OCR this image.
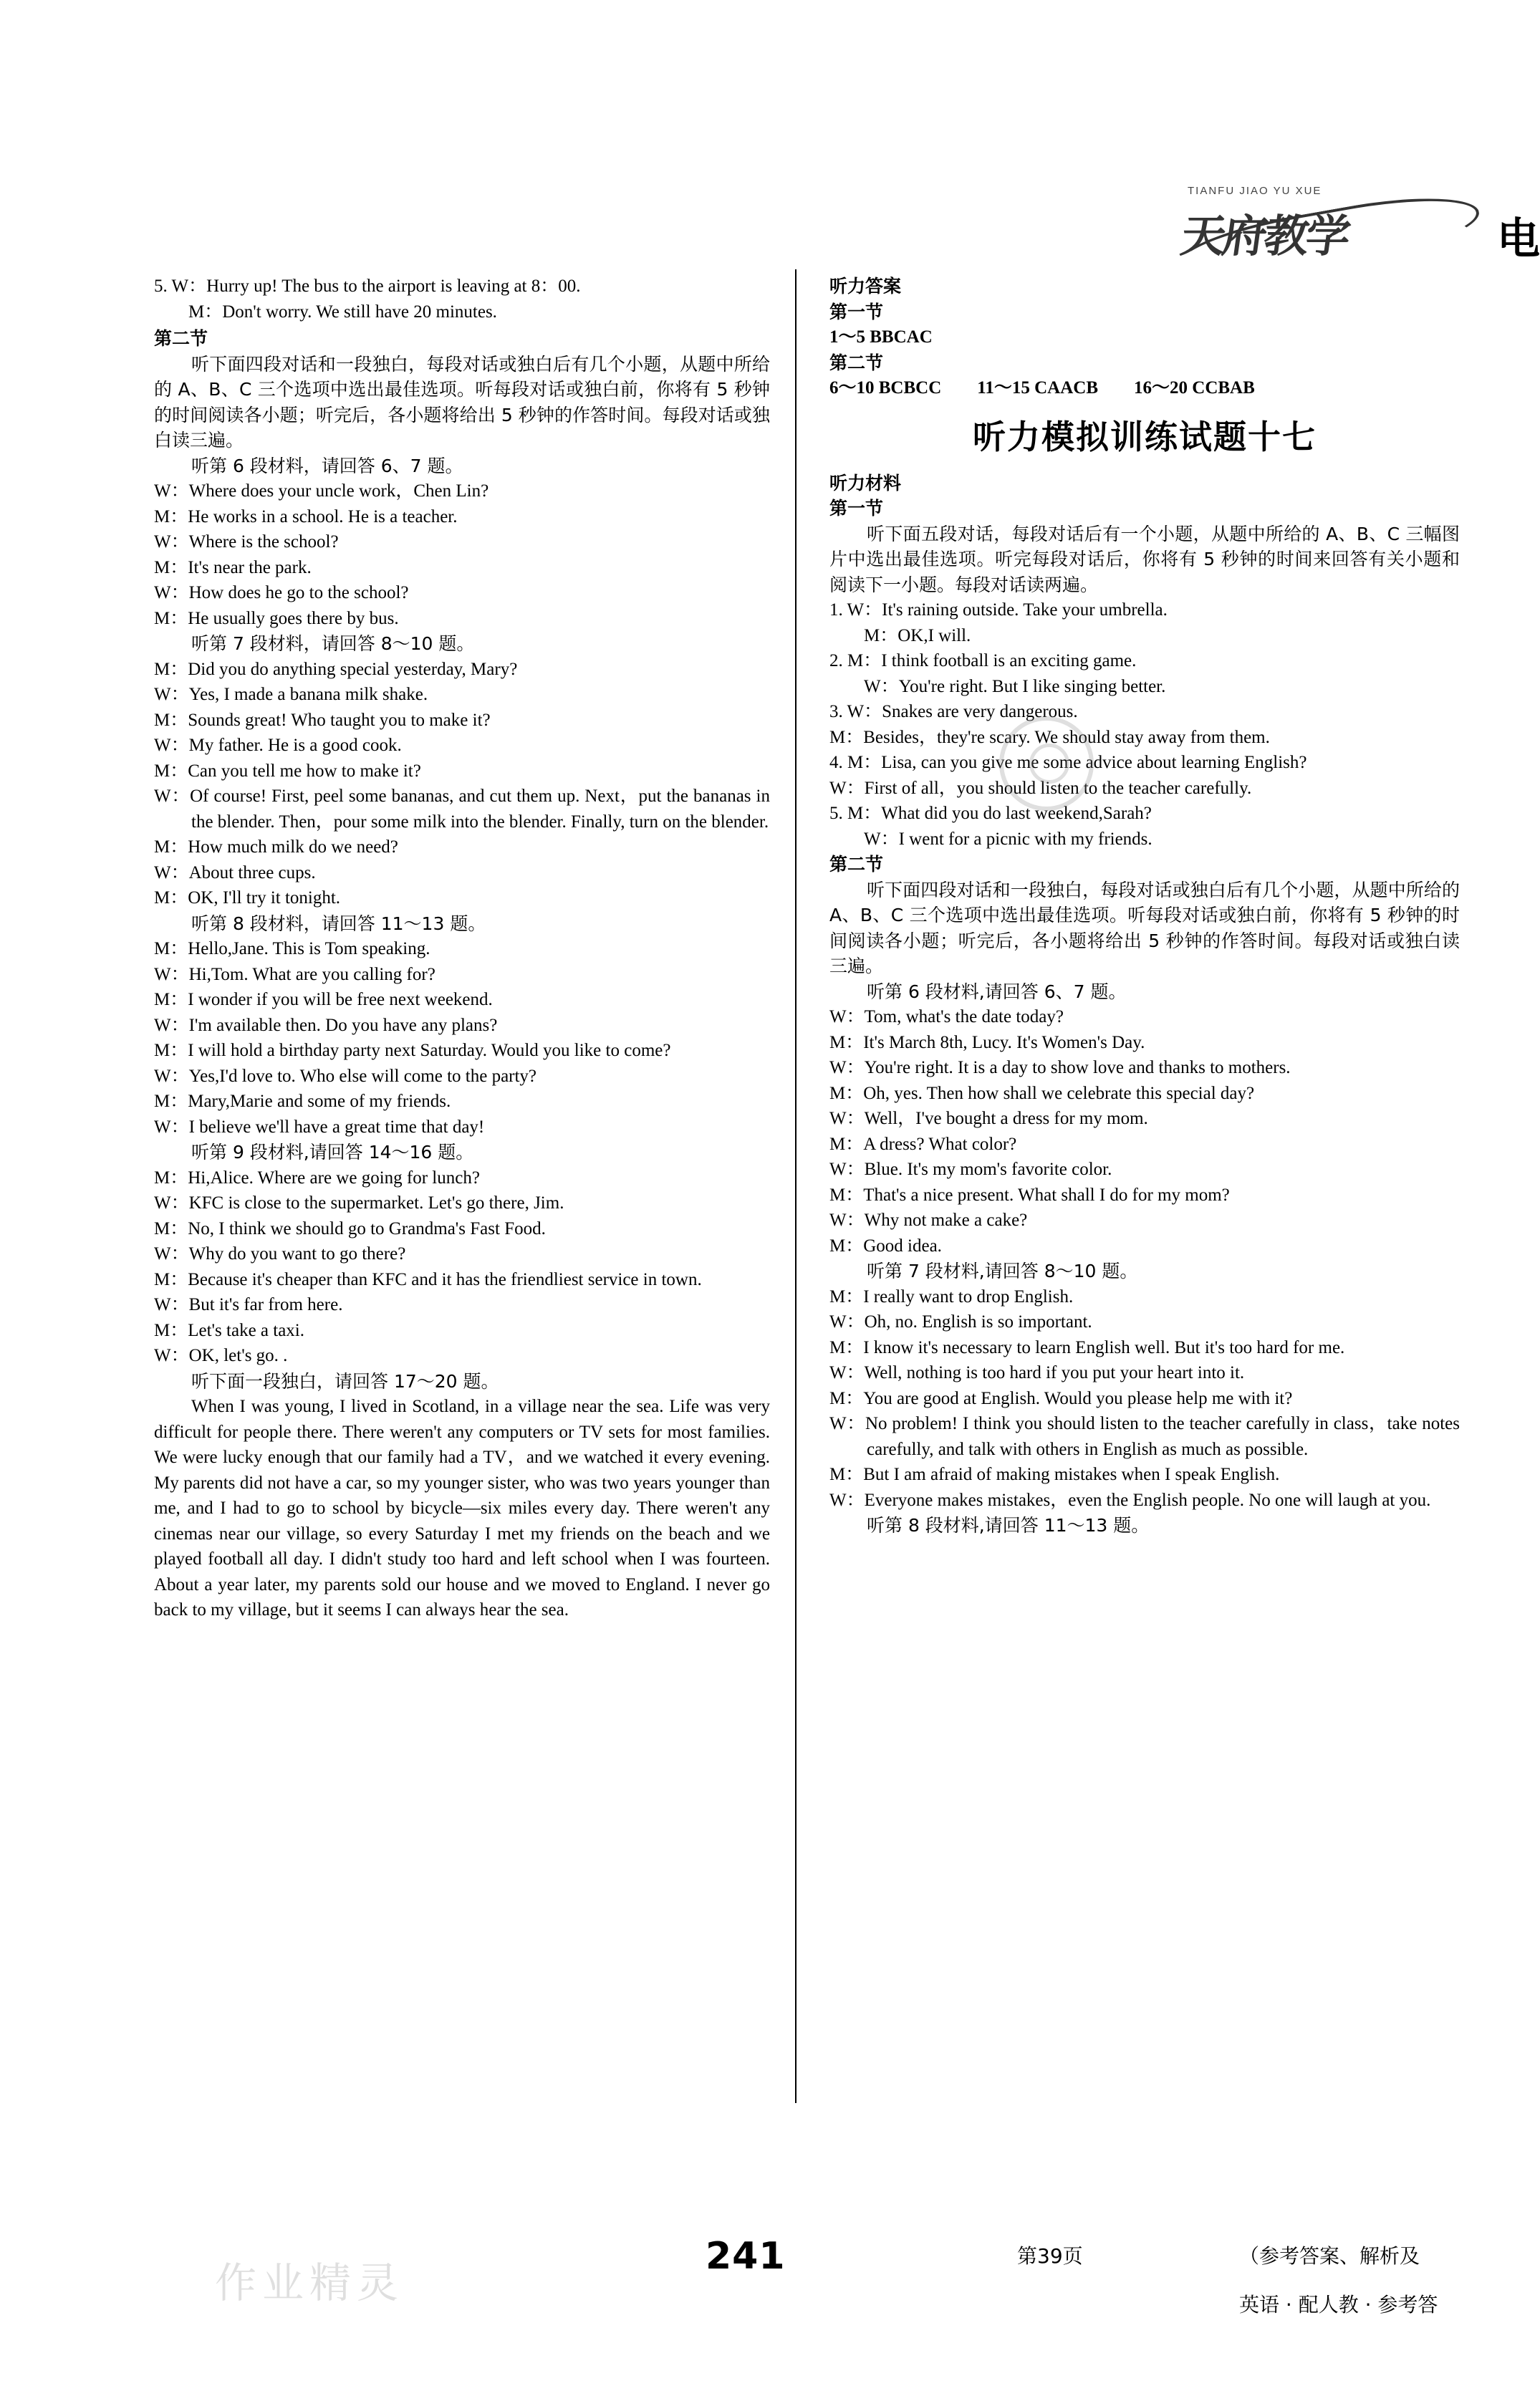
TIANFU JIAO YU XUE
天府教学	电
5. W：Hurry up! The bus to the airport is leaving at 8：00.
M：Don't worry. We still have 20 minutes.
第二节
听下面四段对话和一段独白，每段对话或独白后有几个小题，从题中所给的 A、B、C 三个选项中选出最佳选项。听每段对话或独白前，你将有 5 秒钟的时间阅读各小题；听完后，各小题将给出 5 秒钟的作答时间。每段对话或独白读三遍。
听第 6 段材料，请回答 6、7 题。
W：Where does your uncle work，Chen Lin?
M：He works in a school. He is a teacher.
W：Where is the school?
M：It's near the park.
W：How does he go to the school?
M：He usually goes there by bus.
听第 7 段材料，请回答 8～10 题。
M：Did you do anything special yesterday, Mary?
W：Yes, I made a banana milk shake.
M：Sounds great! Who taught you to make it?
W：My father. He is a good cook.
M：Can you tell me how to make it?
W：Of course! First, peel some bananas, and cut them up. Next，put the bananas in the blender. Then，pour some milk into the blender. Finally, turn on the blender.
M：How much milk do we need?
W：About three cups.
M：OK, I'll try it tonight.
听第 8 段材料，请回答 11～13 题。
M：Hello,Jane. This is Tom speaking.
W：Hi,Tom. What are you calling for?
M：I wonder if you will be free next weekend.
W：I'm available then. Do you have any plans?
M：I will hold a birthday party next Saturday. Would you like to come?
W：Yes,I'd love to. Who else will come to the party?
M：Mary,Marie and some of my friends.
W：I believe we'll have a great time that day!
听第 9 段材料,请回答 14～16 题。
M：Hi,Alice. Where are we going for lunch?
W：KFC is close to the supermarket. Let's go there, Jim.
M：No, I think we should go to Grandma's Fast Food.
W：Why do you want to go there?
M：Because it's cheaper than KFC and it has the friendliest service in town.
W：But it's far from here.
M：Let's take a taxi.
W：OK, let's go. .
听下面一段独白，请回答 17～20 题。
When I was young, I lived in Scotland, in a village near the sea. Life was very difficult for people there. There weren't any computers or TV sets for most families. We were lucky enough that our family had a TV，and we watched it every evening. My parents did not have a car, so my younger sister, who was two years younger than me, and I had to go to school by bicycle—six miles every day. There weren't any cinemas near our village, so every Saturday I met my friends on the beach and we played football all day. I didn't study too hard and left school when I was fourteen. About a year later, my parents sold our house and we moved to England. I never go back to my village, but it seems I can always hear the sea.
听力答案
第一节
1～5 BBCAC
第二节
6～10 BCBCC　　11～15 CAACB　　16～20 CCBAB
听力模拟训练试题十七
听力材料
第一节
听下面五段对话，每段对话后有一个小题，从题中所给的 A、B、C 三幅图片中选出最佳选项。听完每段对话后，你将有 5 秒钟的时间来回答有关小题和阅读下一小题。每段对话读两遍。
1. W：It's raining outside. Take your umbrella.
M：OK,I will.
2. M：I think football is an exciting game.
W：You're right. But I like singing better.
3. W：Snakes are very dangerous.
M：Besides，they're scary. We should stay away from them.
4. M：Lisa, can you give me some advice about learning English?
W：First of all，you should listen to the teacher carefully.
5. M：What did you do last weekend,Sarah?
W：I went for a picnic with my friends.
第二节
听下面四段对话和一段独白，每段对话或独白后有几个小题，从题中所给的 A、B、C 三个选项中选出最佳选项。听每段对话或独白前，你将有 5 秒钟的时间阅读各小题；听完后，各小题将给出 5 秒钟的作答时间。每段对话或独白读三遍。
听第 6 段材料,请回答 6、7 题。
W：Tom, what's the date today?
M：It's March 8th, Lucy. It's Women's Day.
W：You're right. It is a day to show love and thanks to mothers.
M：Oh, yes. Then how shall we celebrate this special day?
W：Well，I've bought a dress for my mom.
M：A dress? What color?
W：Blue. It's my mom's favorite color.
M：That's a nice present. What shall I do for my mom?
W：Why not make a cake?
M：Good idea.
听第 7 段材料,请回答 8～10 题。
M：I really want to drop English.
W：Oh, no. English is so important.
M：I know it's necessary to learn English well. But it's too hard for me.
W：Well, nothing is too hard if you put your heart into it.
M：You are good at English. Would you please help me with it?
W：No problem! I think you should listen to the teacher carefully in class，take notes carefully, and talk with others in English as much as possible.
M：But I am afraid of making mistakes when I speak English.
W：Everyone makes mistakes，even the English people. No one will laugh at you.
听第 8 段材料,请回答 11～13 题。
作业精灵
241	第39页	（参考答案、解析及
英语 · 配人教 · 参考答
